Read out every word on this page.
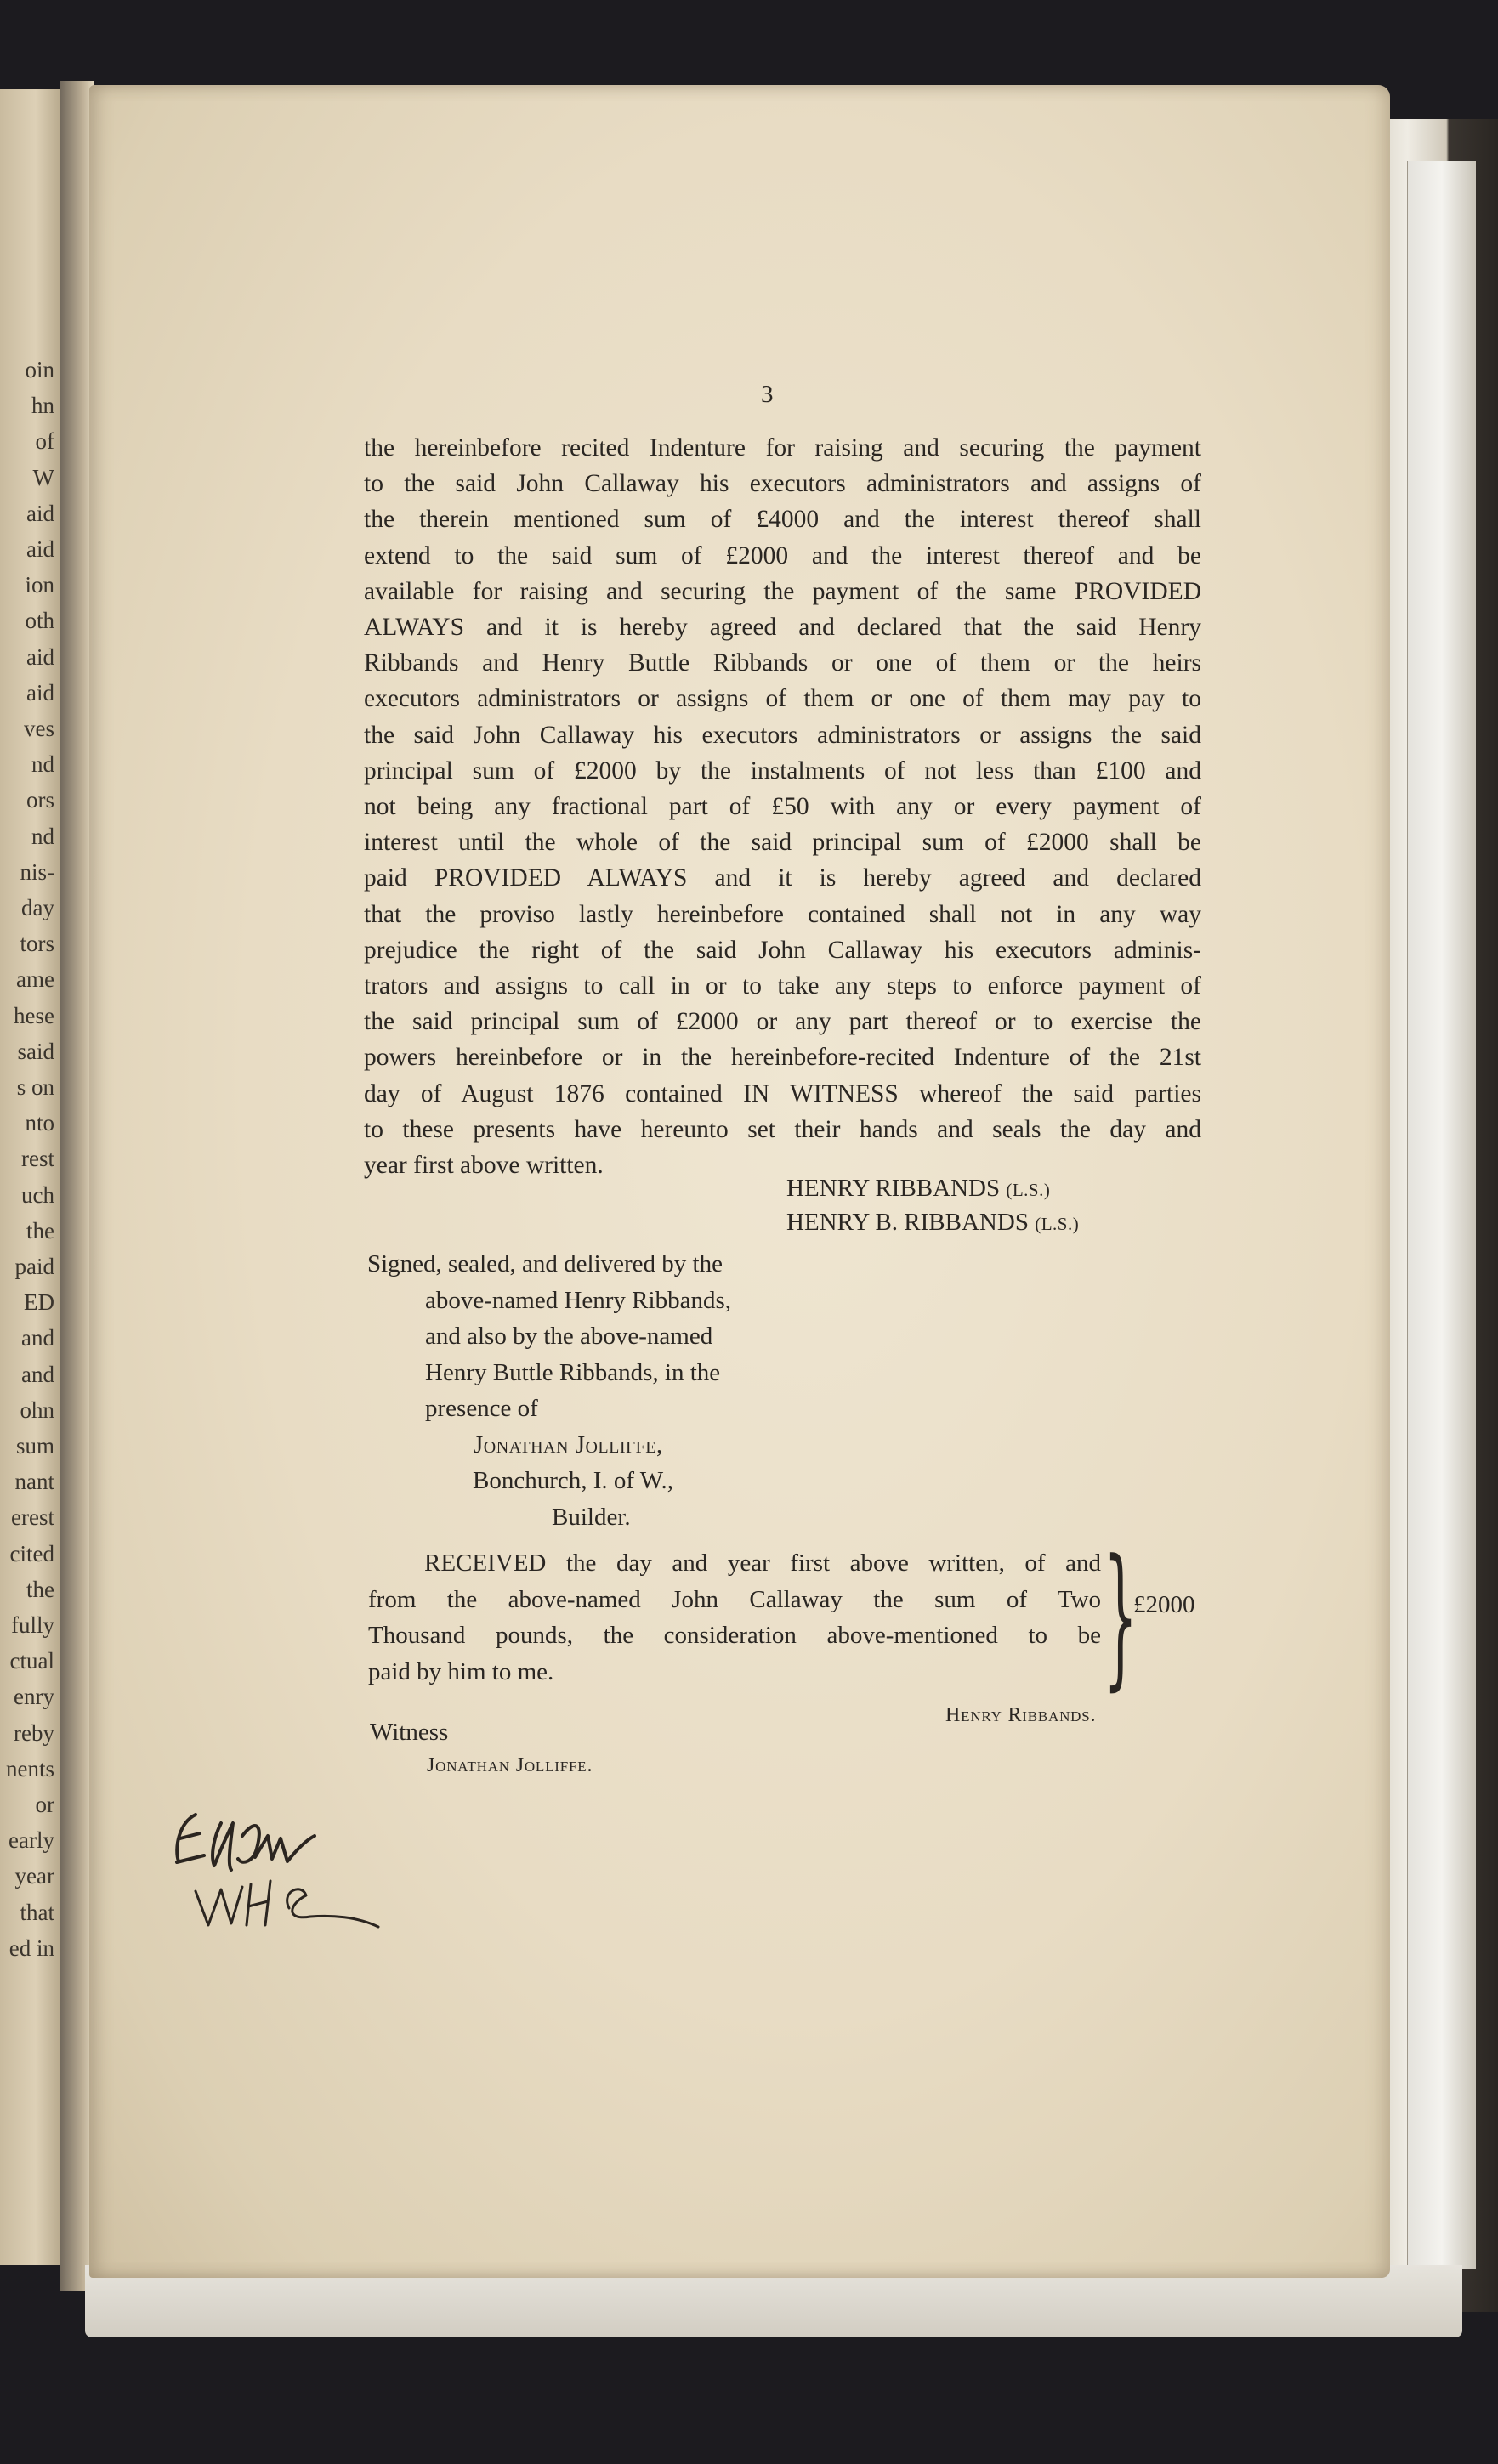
oin
hn
of
W
aid
aid
ion
oth
aid
aid
ves
nd
ors
nd
nis-
day
tors
ame
hese
said
s on
nto
rest
uch
the
paid
ED
and
and
ohn
sum
nant
erest
cited
the
fully
ctual
enry
reby
nents
or
early
year
that
ed in
3
the hereinbefore recited Indenture for raising and securing the payment
to the said John Callaway his executors administrators and assigns of
the therein mentioned sum of £4000 and the interest thereof shall
extend to the said sum of £2000 and the interest thereof and be
available for raising and securing the payment of the same PROVIDED
ALWAYS and it is hereby agreed and declared that the said Henry
Ribbands and Henry Buttle Ribbands or one of them or the heirs
executors administrators or assigns of them or one of them may pay to
the said John Callaway his executors administrators or assigns the said
principal sum of £2000 by the instalments of not less than £100 and
not being any fractional part of £50 with any or every payment of
interest until the whole of the said principal sum of £2000 shall be
paid PROVIDED ALWAYS and it is hereby agreed and declared
that the proviso lastly hereinbefore contained shall not in any way
prejudice the right of the said John Callaway his executors adminis-
trators and assigns to call in or to take any steps to enforce payment of
the said principal sum of £2000 or any part thereof or to exercise the
powers hereinbefore or in the hereinbefore-recited Indenture of the 21st
day of August 1876 contained IN WITNESS whereof the said parties
to these presents have hereunto set their hands and seals the day and
year first above written.
HENRY RIBBANDS (L.S.)
HENRY B. RIBBANDS (L.S.)
Signed, sealed, and delivered by the
above-named Henry Ribbands,
and also by the above-named
Henry Buttle Ribbands, in the
presence of
Jonathan Jolliffe,
Bonchurch, I. of W.,
Builder.
RECEIVED the day and year first above written, of and
from the above-named John Callaway the sum of Two
Thousand pounds, the consideration above-mentioned to be
paid by him to me.	}
£2000
Henry Ribbands.
Witness
Jonathan Jolliffe.
